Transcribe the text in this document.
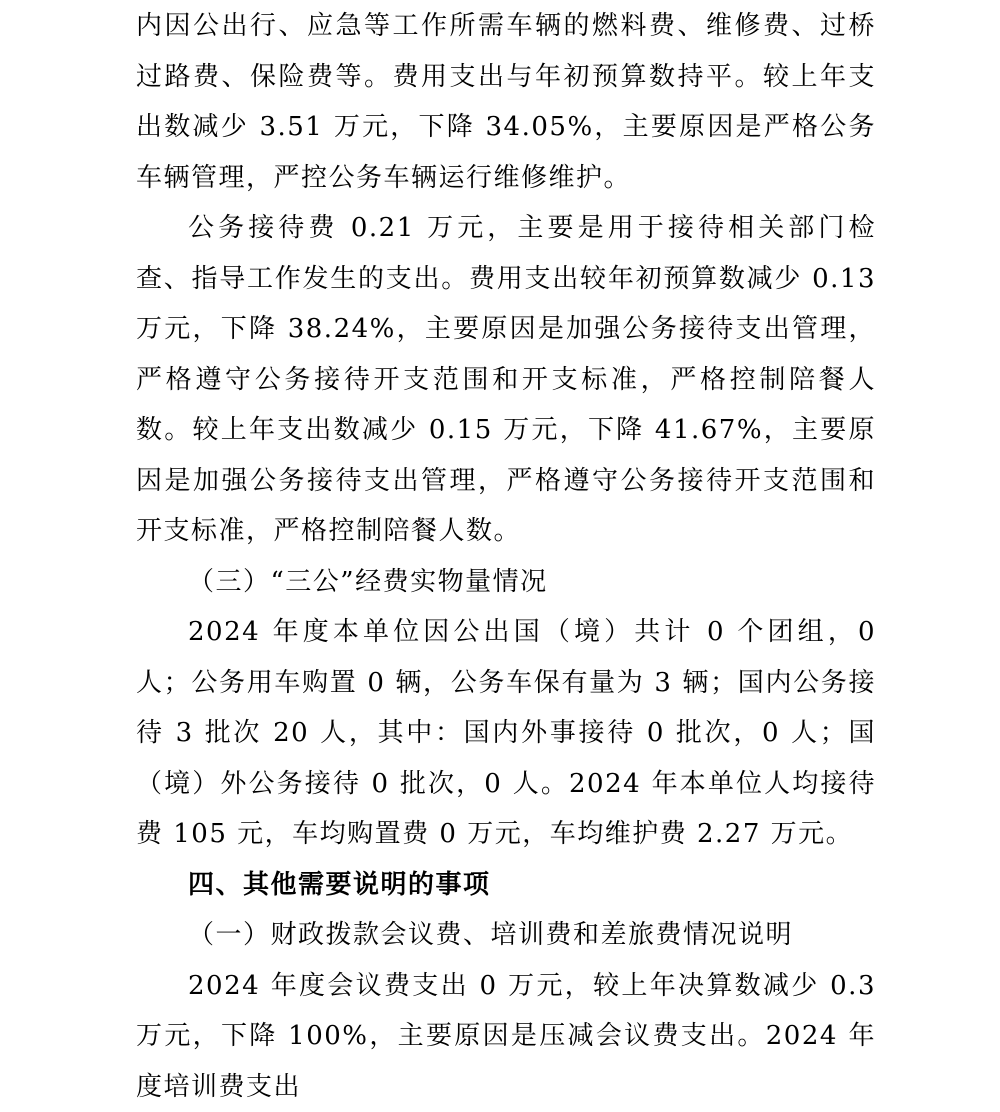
内因公出行、应急等工作所需车辆的燃料费、维修费、过桥过路费、保险费等。费用支出与年初预算数持平。较上年支出数减少 3.51 万元，下降 34.05%，主要原因是严格公务车辆管理，严控公务车辆运行维修维护。

公务接待费 0.21 万元，主要是用于接待相关部门检查、指导工作发生的支出。费用支出较年初预算数减少 0.13 万元，下降 38.24%，主要原因是加强公务接待支出管理，严格遵守公务接待开支范围和开支标准，严格控制陪餐人数。较上年支出数减少 0.15 万元，下降 41.67%，主要原因是加强公务接待支出管理，严格遵守公务接待开支范围和开支标准，严格控制陪餐人数。

（三）“三公”经费实物量情况

2024 年度本单位因公出国（境）共计 0 个团组，0 人；公务用车购置 0 辆，公务车保有量为 3 辆；国内公务接待 3 批次 20 人，其中：国内外事接待 0 批次，0 人；国（境）外公务接待 0 批次，0 人。2024 年本单位人均接待费 105 元，车均购置费 0 万元，车均维护费 2.27 万元。

四、其他需要说明的事项

（一）财政拨款会议费、培训费和差旅费情况说明

2024 年度会议费支出 0 万元，较上年决算数减少 0.3 万元，下降 100%，主要原因是压减会议费支出。2024 年度培训费支出
